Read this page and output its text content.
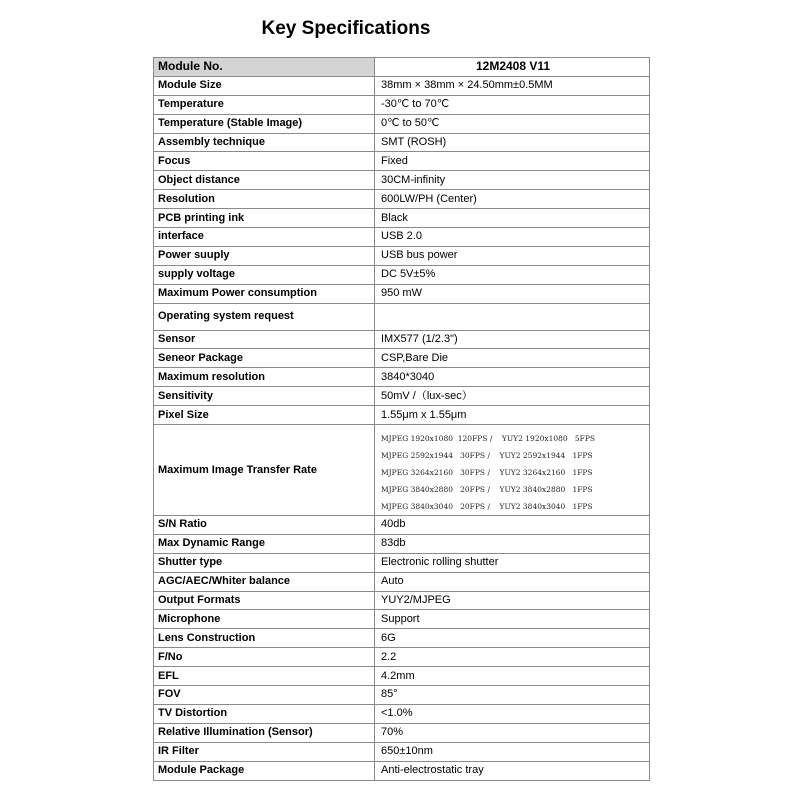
Key Specifications
Module No.	12M2408 V11
Module Size	38mm × 38mm × 24.50mm±0.5MM
Temperature	-30℃ to 70℃
Temperature (Stable Image)	0℃ to 50℃
Assembly technique	SMT (ROSH)
Focus	Fixed
Object distance	30CM-infinity
Resolution	600LW/PH (Center)
PCB printing ink	Black
interface	USB 2.0
Power suuply	USB bus power
supply voltage	DC 5V±5%
Maximum Power consumption	950 mW
Operating system request	
Sensor	IMX577 (1/2.3")
Seneor Package	CSP,Bare Die
Maximum resolution	3840*3040
Sensitivity	50mV /（lux-sec）
Pixel Size	1.55μm x 1.55μm
Maximum Image Transfer Rate	MJPEG 1920x1080  120FPS /    YUY2 1920x1080   5FPS
MJPEG 2592x1944   30FPS /    YUY2 2592x1944   1FPS
MJPEG 3264x2160   30FPS /    YUY2 3264x2160   1FPS
MJPEG 3840x2880   20FPS /    YUY2 3840x2880   1FPS
MJPEG 3840x3040   20FPS /    YUY2 3840x3040   1FPS

S/N Ratio	40db
Max Dynamic Range	83db
Shutter type	Electronic rolling shutter
AGC/AEC/Whiter balance	Auto
Output Formats	YUY2/MJPEG
Microphone	Support
Lens Construction	6G
F/No	2.2
EFL	4.2mm
FOV	85°
TV Distortion	<1.0%
Relative Illumination (Sensor)	70%
IR Filter	650±10nm
Module Package	Anti-electrostatic tray
